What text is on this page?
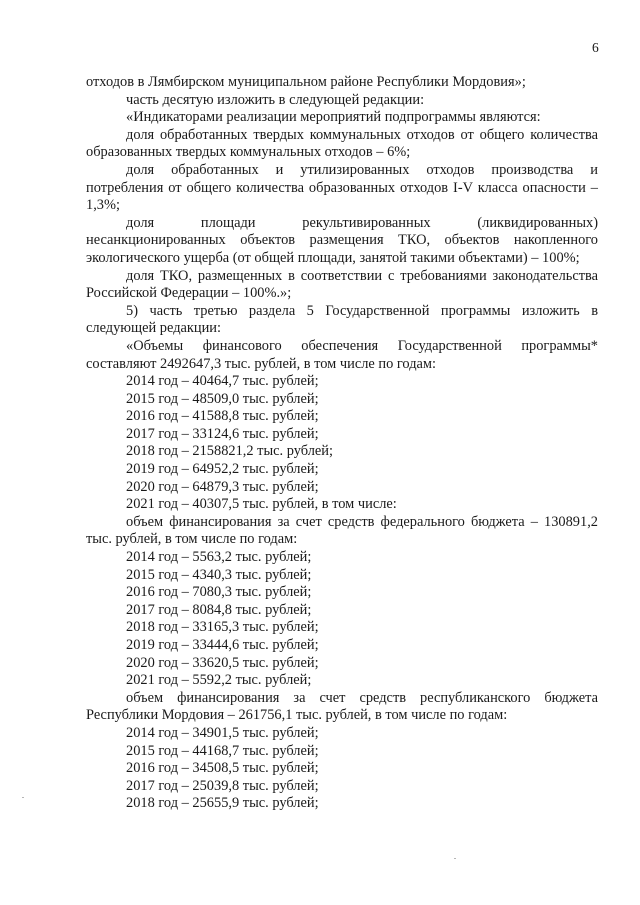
6

отходов в Лямбирском муниципальном районе Республики Мордовия»;

часть десятую изложить в следующей редакции:

«Индикаторами реализации мероприятий подпрограммы являются:

доля обработанных твердых коммунальных отходов от общего количества образованных твердых коммунальных отходов – 6%;

доля обработанных и утилизированных отходов производства и потребления от общего количества образованных отходов I-V класса опасности – 1,3%;

доля площади рекультивированных (ликвидированных) несанкционированных объектов размещения ТКО, объектов накопленного экологического ущерба (от общей площади, занятой такими объектами) – 100%;

доля ТКО, размещенных в соответствии с требованиями законодательства Российской Федерации – 100%.»;

5) часть третью раздела 5 Государственной программы изложить в следующей редакции:

«Объемы финансового обеспечения Государственной программы* составляют 2492647,3 тыс. рублей, в том числе по годам:

2014 год – 40464,7 тыс. рублей;

2015 год – 48509,0 тыс. рублей;

2016 год – 41588,8 тыс. рублей;

2017 год – 33124,6 тыс. рублей;

2018 год – 2158821,2 тыс. рублей;

2019 год – 64952,2 тыс. рублей;

2020 год – 64879,3 тыс. рублей;

2021 год – 40307,5 тыс. рублей, в том числе:

объем финансирования за счет средств федерального бюджета – 130891,2 тыс. рублей, в том числе по годам:

2014 год – 5563,2 тыс. рублей;

2015 год – 4340,3 тыс. рублей;

2016 год – 7080,3 тыс. рублей;

2017 год – 8084,8 тыс. рублей;

2018 год – 33165,3 тыс. рублей;

2019 год – 33444,6 тыс. рублей;

2020 год – 33620,5 тыс. рублей;

2021 год – 5592,2 тыс. рублей;

объем финансирования за счет средств республиканского бюджета Республики Мордовия – 261756,1 тыс. рублей, в том числе по годам:

2014 год – 34901,5 тыс. рублей;

2015 год – 44168,7 тыс. рублей;

2016 год – 34508,5 тыс. рублей;

2017 год – 25039,8 тыс. рублей;

2018 год – 25655,9 тыс. рублей;
